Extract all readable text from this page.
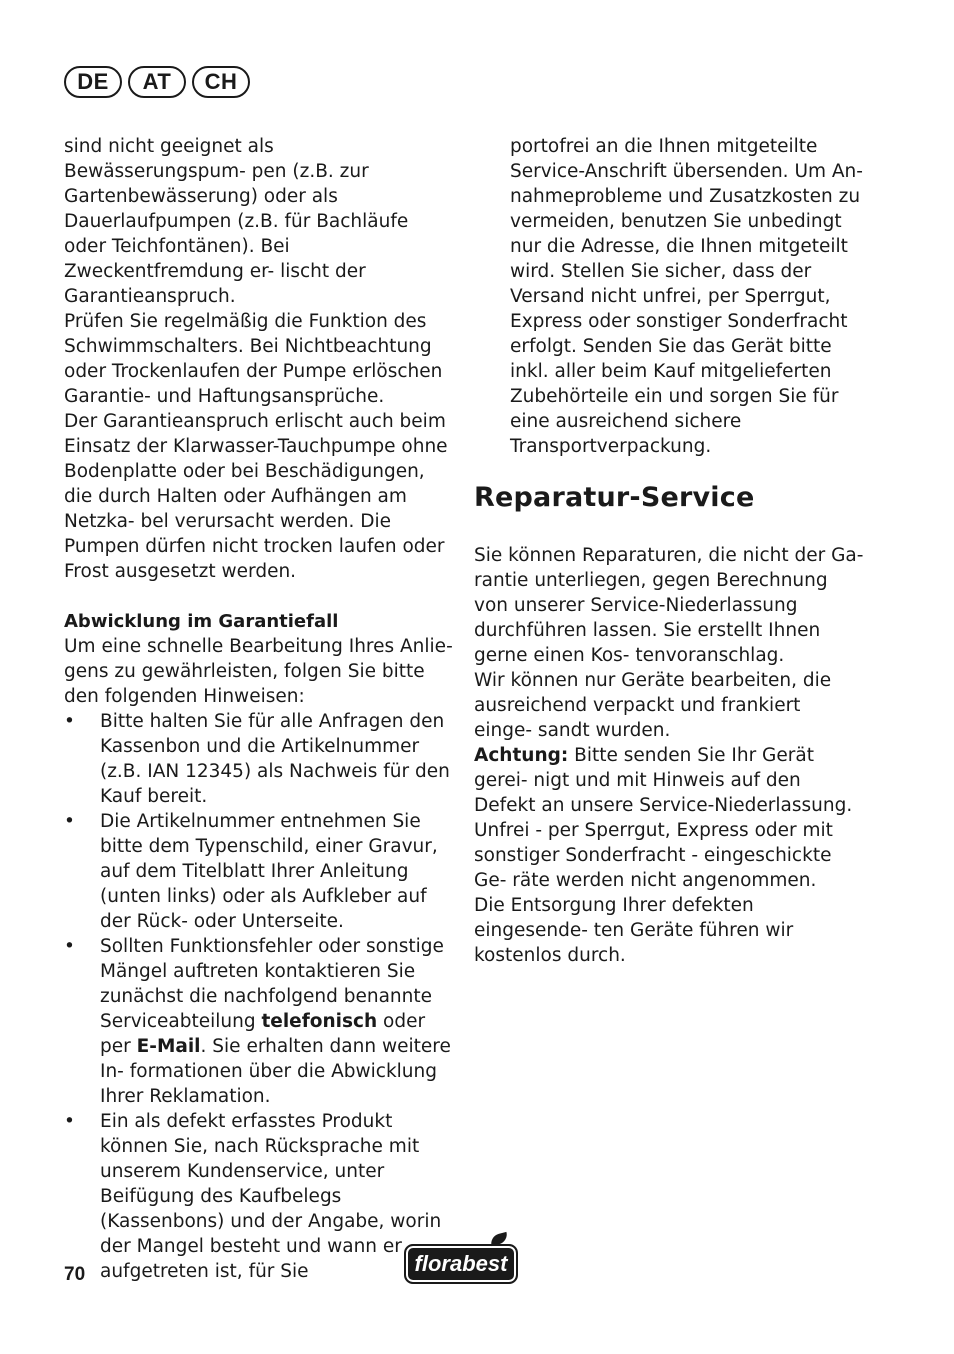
DE	AT	CH

sind nicht geeignet als Bewässerungspum- pen (z.B. zur Gartenbewässerung) oder als Dauerlaufpumpen (z.B. für Bachläufe oder Teichfontänen). Bei Zweckentfremdung er- lischt der Garantieanspruch.

Prüfen Sie regelmäßig die Funktion des Schwimmschalters. Bei Nichtbeachtung oder Trockenlaufen der Pumpe erlöschen Garantie- und Haftungsansprüche.

Der Garantieanspruch erlischt auch beim Einsatz der Klarwasser-Tauchpumpe ohne Bodenplatte oder bei Beschädigungen, die durch Halten oder Aufhängen am Netzka- bel verursacht werden. Die Pumpen dürfen nicht trocken laufen oder Frost ausgesetzt werden.

Abwicklung im Garantiefall

Um eine schnelle Bearbeitung Ihres Anlie- gens zu gewährleisten, folgen Sie bitte den folgenden Hinweisen:

• Bitte halten Sie für alle Anfragen den Kassenbon und die Artikelnummer (z.B. IAN 12345) als Nachweis für den Kauf bereit.
• Die Artikelnummer entnehmen Sie bitte dem Typenschild, einer Gravur, auf dem Titelblatt Ihrer Anleitung (unten links) oder als Aufkleber auf der Rück- oder Unterseite.
• Sollten Funktionsfehler oder sonstige Mängel auftreten kontaktieren Sie zunächst die nachfolgend benannte Serviceabteilung telefonisch oder per E-Mail. Sie erhalten dann weitere In- formationen über die Abwicklung Ihrer Reklamation.
• Ein als defekt erfasstes Produkt können Sie, nach Rücksprache mit unserem Kundenservice, unter Beifügung des Kaufbelegs (Kassenbons) und der Angabe, worin der Mangel besteht und wann er aufgetreten ist, für Sie

portofrei an die Ihnen mitgeteilte Service-Anschrift übersenden. Um An- nahmeprobleme und Zusatzkosten zu vermeiden, benutzen Sie unbedingt nur die Adresse, die Ihnen mitgeteilt wird. Stellen Sie sicher, dass der Versand nicht unfrei, per Sperrgut, Express oder sonstiger Sonderfracht erfolgt. Senden Sie das Gerät bitte inkl. aller beim Kauf mitgelieferten Zubehörteile ein und sorgen Sie für eine ausreichend sichere Transportverpackung.

Reparatur-Service

Sie können Reparaturen, die nicht der Ga- rantie unterliegen, gegen Berechnung von unserer Service-Niederlassung durchführen lassen. Sie erstellt Ihnen gerne einen Kos- tenvoranschlag.

Wir können nur Geräte bearbeiten, die ausreichend verpackt und frankiert einge- sandt wurden.

Achtung: Bitte senden Sie Ihr Gerät gerei- nigt und mit Hinweis auf den Defekt an unsere Service-Niederlassung.

Unfrei - per Sperrgut, Express oder mit sonstiger Sonderfracht - eingeschickte Ge- räte werden nicht angenommen.

Die Entsorgung Ihrer defekten eingesende- ten Geräte führen wir kostenlos durch.

70	florabest
